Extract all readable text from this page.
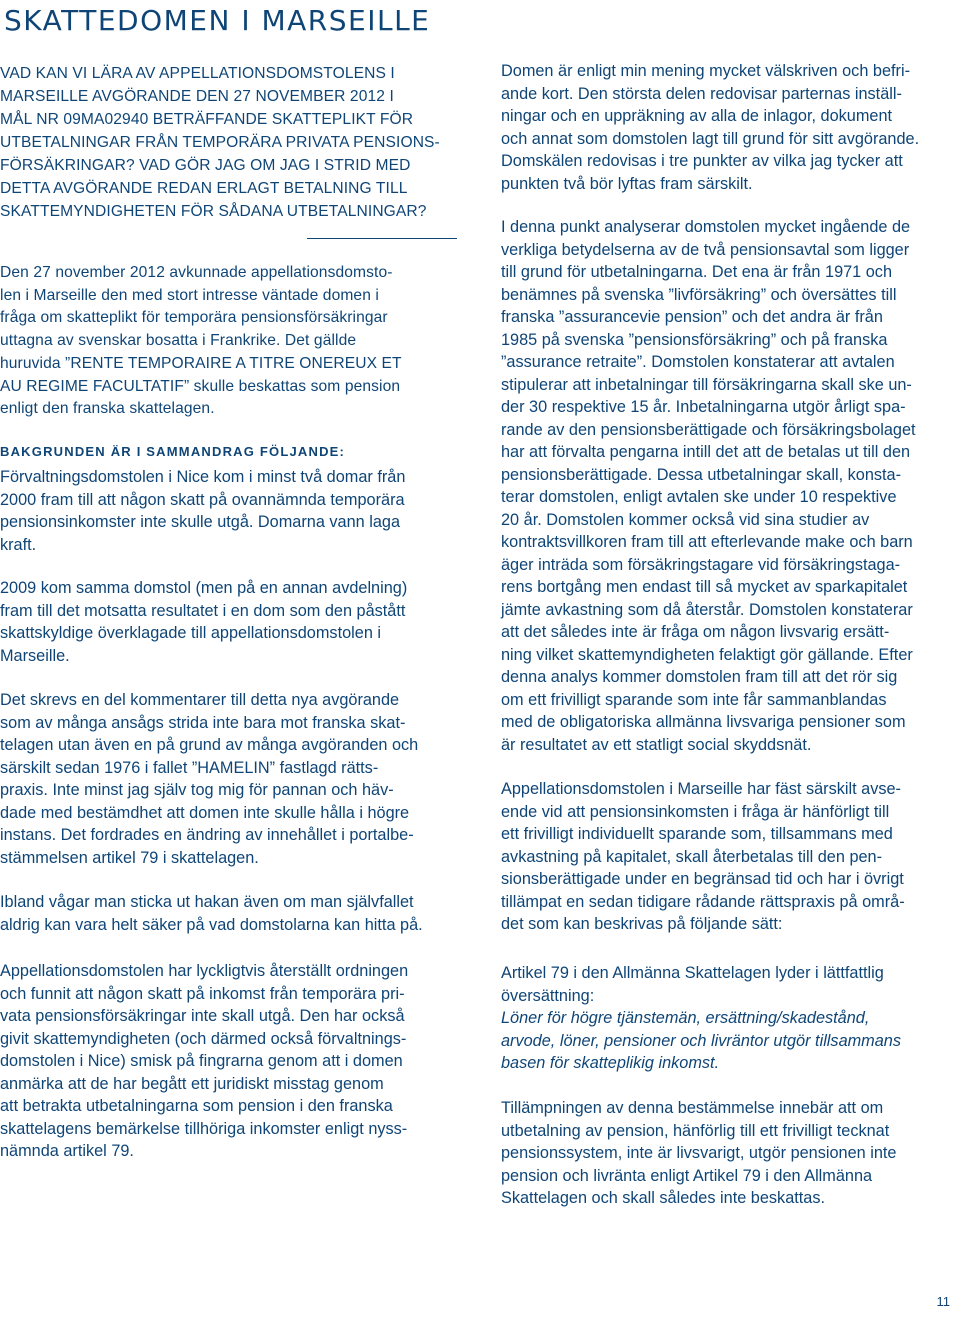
SKATTEDOMEN I MARSEILLE

VAD KAN VI LÄRA AV APPELLATIONSDOMSTOLENS I

MARSEILLE AVGÖRANDE DEN 27 NOVEMBER 2012 I

MÅL NR 09MA02940 BETRÄFFANDE SKATTEPLIKT FÖR

UTBETALNINGAR FRÅN TEMPORÄRA PRIVATA PENSIONS-

FÖRSÄKRINGAR? VAD GÖR JAG OM JAG I STRID MED

DETTA AVGÖRANDE REDAN ERLAGT BETALNING TILL

SKATTEMYNDIGHETEN FÖR SÅDANA UTBETALNINGAR?

Den 27 november 2012 avkunnade appellationsdomsto-
len i Marseille den med stort intresse väntade domen i
fråga om skatteplikt för temporära pensionsförsäkringar
uttagna av svenskar bosatta i Frankrike. Det gällde
huruvida ”RENTE TEMPORAIRE A TITRE ONEREUX ET
AU REGIME FACULTATIF” skulle beskattas som pension
enligt den franska skattelagen.
BAKGRUNDEN ÄR I SAMMANDRAG FÖLJANDE:
Förvaltningsdomstolen i Nice kom i minst två domar från
2000 fram till att någon skatt på ovannämnda temporära
pensionsinkomster inte skulle utgå. Domarna vann laga
kraft.
2009 kom samma domstol (men på en annan avdelning)
fram till det motsatta resultatet i en dom som den påstått
skattskyldige överklagade till appellationsdomstolen i
Marseille.
Det skrevs en del kommentarer till detta nya avgörande
som av många ansågs strida inte bara mot franska skat-
telagen utan även en på grund av många avgöranden och
särskilt sedan 1976 i fallet ”HAMELIN” fastlagd rätts-
praxis. Inte minst jag själv tog mig för pannan och häv-
dade med bestämdhet att domen inte skulle hålla i högre
instans. Det fordrades en ändring av innehållet i portalbe-
stämmelsen artikel 79 i skattelagen.
Ibland vågar man sticka ut hakan även om man självfallet
aldrig kan vara helt säker på vad domstolarna kan hitta på.
Appellationsdomstolen har lyckligtvis återställt ordningen
och funnit att någon skatt på inkomst från temporära pri-
vata pensionsförsäkringar inte skall utgå. Den har också
givit skattemyndigheten (och därmed också förvaltnings-
domstolen i Nice) smisk på fingrarna genom att i domen
anmärka att de har begått ett juridiskt misstag genom
att betrakta utbetalningarna som pension i den franska
skattelagens bemärkelse tillhöriga inkomster enligt nyss-
nämnda artikel 79.
Domen är enligt min mening mycket välskriven och befri-
ande kort. Den största delen redovisar parternas inställ-
ningar och en uppräkning av alla de inlagor, dokument
och annat som domstolen lagt till grund för sitt avgörande.
Domskälen redovisas i tre punkter av vilka jag tycker att
punkten två bör lyftas fram särskilt.
I denna punkt analyserar domstolen mycket ingående de
verkliga betydelserna av de två pensionsavtal som ligger
till grund för utbetalningarna. Det ena är från 1971 och
benämnes på svenska ”livförsäkring” och översättes till
franska ”assurancevie pension” och det andra är från
1985 på svenska ”pensionsförsäkring” och på franska
”assurance retraite”. Domstolen konstaterar att avtalen
stipulerar att inbetalningar till försäkringarna skall ske un-
der 30 respektive 15 år. Inbetalningarna utgör årligt spa-
rande av den pensionsberättigade och försäkringsbolaget
har att förvalta pengarna intill det att de betalas ut till den
pensionsberättigade. Dessa utbetalningar skall, konsta-
terar domstolen, enligt avtalen ske under 10 respektive
20 år. Domstolen kommer också vid sina studier av
kontraktsvillkoren fram till att efterlevande make och barn
äger inträda som försäkringstagare vid försäkringstaga-
rens bortgång men endast till så mycket av sparkapitalet
jämte avkastning som då återstår. Domstolen konstaterar
att det således inte är fråga om någon livsvarig ersätt-
ning vilket skattemyndigheten felaktigt gör gällande. Efter
denna analys kommer domstolen fram till att det rör sig
om ett frivilligt sparande som inte får sammanblandas
med de obligatoriska allmänna livsvariga pensioner som
är resultatet av ett statligt social skyddsnät.
Appellationsdomstolen i Marseille har fäst särskilt avse-
ende vid att pensionsinkomsten i fråga är hänförligt till
ett frivilligt individuellt sparande som, tillsammans med
avkastning på kapitalet, skall återbetalas till den pen-
sionsberättigade under en begränsad tid och har i övrigt
tillämpat en sedan tidigare rådande rättspraxis på områ-
det som kan beskrivas på följande sätt:
Artikel 79 i den Allmänna Skattelagen lyder i lättfattlig
översättning:
Löner för högre tjänstemän, ersättning/skadestånd,
arvode, löner, pensioner och livräntor utgör tillsammans
basen för skatteplikig inkomst.
Tillämpningen av denna bestämmelse innebär att om
utbetalning av pension, hänförlig till ett frivilligt tecknat
pensionssystem, inte är livsvarigt, utgör pensionen inte
pension och livränta enligt Artikel 79 i den Allmänna
Skattelagen och skall således inte beskattas.
11
